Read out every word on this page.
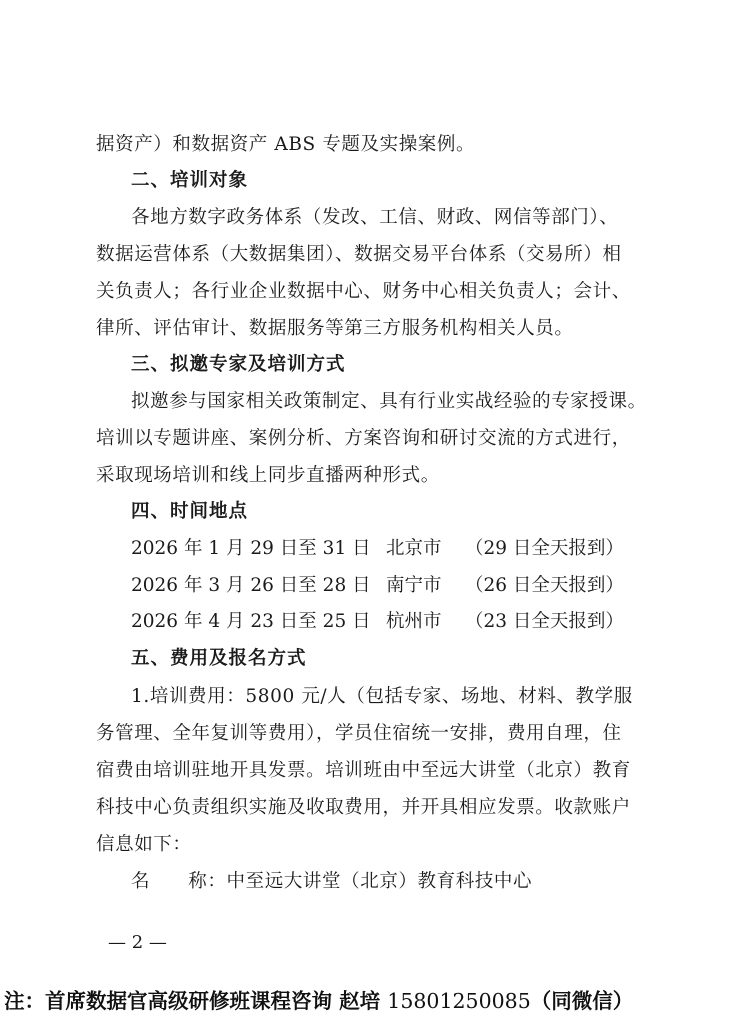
据资产）和数据资产 ABS 专题及实操案例。
二、培训对象
各地方数字政务体系（发改、工信、财政、网信等部门）、
数据运营体系（大数据集团）、数据交易平台体系（交易所）相
关负责人；各行业企业数据中心、财务中心相关负责人；会计、
律所、评估审计、数据服务等第三方服务机构相关人员。
三、拟邀专家及培训方式
拟邀参与国家相关政策制定、具有行业实战经验的专家授课。
培训以专题讲座、案例分析、方案咨询和研讨交流的方式进行，
采取现场培训和线上同步直播两种形式。
四、时间地点
2026 年 1 月 29 日至 31 日 北京市 （29 日全天报到）
2026 年 3 月 26 日至 28 日 南宁市 （26 日全天报到）
2026 年 4 月 23 日至 25 日 杭州市 （23 日全天报到）
五、费用及报名方式
1.培训费用：5800 元/人（包括专家、场地、材料、教学服
务管理、全年复训等费用），学员住宿统一安排，费用自理，住
宿费由培训驻地开具发票。培训班由中至远大讲堂（北京）教育
科技中心负责组织实施及收取费用，并开具相应发票。收款账户
信息如下：
名　　称：中至远大讲堂（北京）教育科技中心
— 2 —
注：首席数据官高级研修班课程咨询 赵培 15801250085（同微信）
